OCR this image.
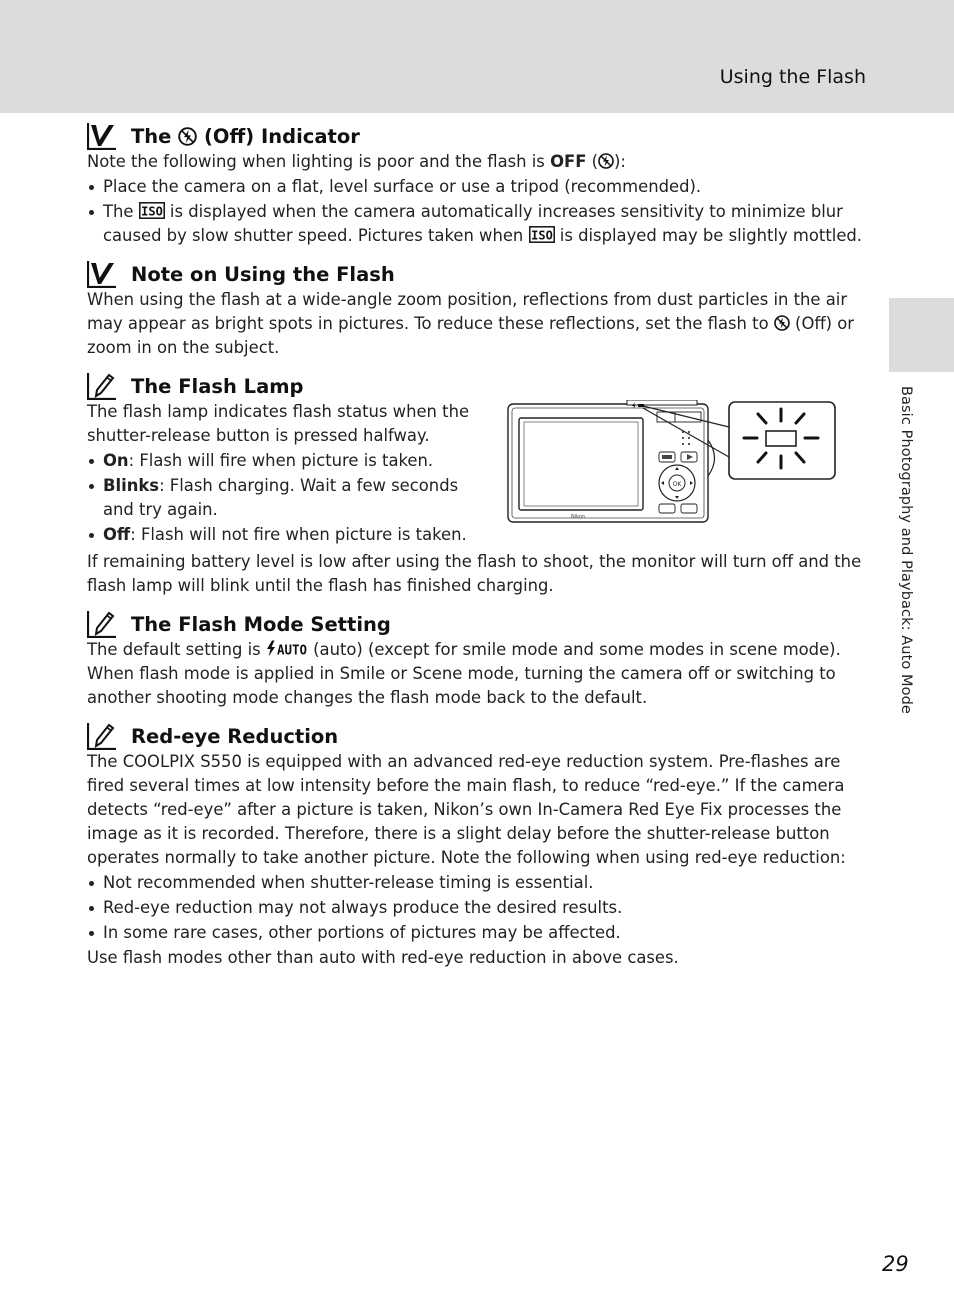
Using the Flash
Basic Photography and Playback: Auto Mode
The (Off) Indicator

Note the following when lighting is poor and the flash is OFF ( ):

Place the camera on a flat, level surface or use a tripod (recommended).
The ISO is displayed when the camera automatically increases sensitivity to minimize blur caused by slow shutter speed. Pictures taken when ISO is displayed may be slightly mottled.
Note on Using the Flash

When using the flash at a wide-angle zoom position, reflections from dust particles in the air may appear as bright spots in pictures. To reduce these reflections, set the flash to (Off) or zoom in on the subject.

The Flash Lamp

The flash lamp indicates flash status when the shutter-release button is pressed halfway.

On: Flash will fire when picture is taken.
Blinks: Flash charging. Wait a few seconds and try again.
Off: Flash will not fire when picture is taken.

If remaining battery level is low after using the flash to shoot, the monitor will turn off and the flash lamp will blink until the flash has finished charging.

Nikon
OK
The Flash Mode Setting

The default setting is AUTO (auto) (except for smile mode and some modes in scene mode).

When flash mode is applied in Smile or Scene mode, turning the camera off or switching to another shooting mode changes the flash mode back to the default.

Red-eye Reduction

The COOLPIX S550 is equipped with an advanced red-eye reduction system. Pre-flashes are fired several times at low intensity before the main flash, to reduce “red-eye.” If the camera detects “red-eye” after a picture is taken, Nikon’s own In-Camera Red Eye Fix processes the image as it is recorded. Therefore, there is a slight delay before the shutter-release button operates normally to take another picture. Note the following when using red-eye reduction:

Not recommended when shutter-release timing is essential.
Red-eye reduction may not always produce the desired results.
In some rare cases, other portions of pictures may be affected.

Use flash modes other than auto with red-eye reduction in above cases.

29
